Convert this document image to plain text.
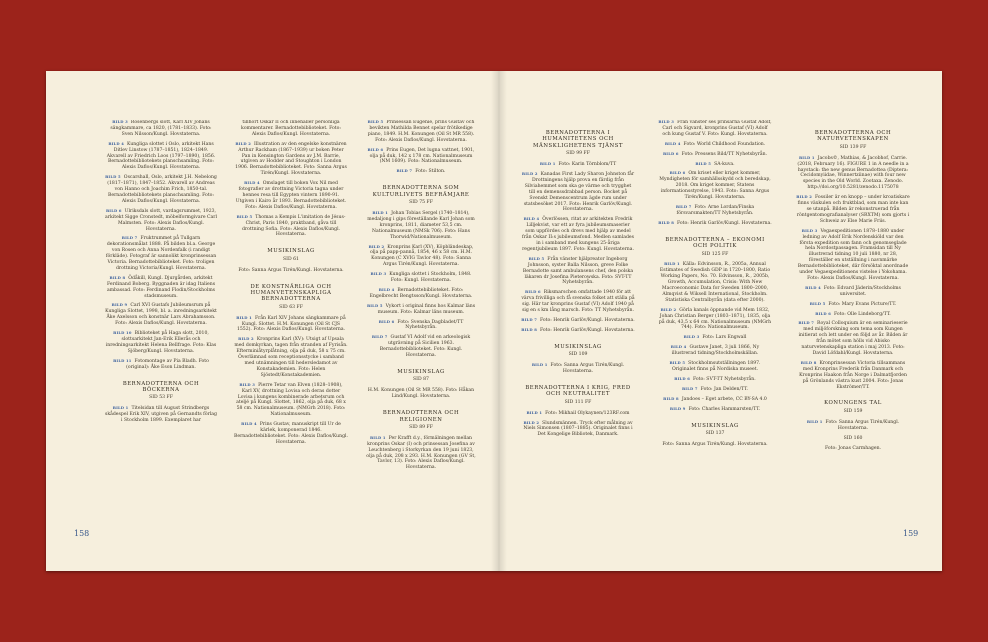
BILD 3 Rosenbergs slott, Karl XIV Johans sängkammare, ca 1820, (1781–1833). Foto: Sven Nilsson/Kungl. Hovstaterna.
BILD 4 Kungliga slottet i Oslo, arkitekt Hans Ditlev Linstow (1787–1851), 1824–1849. Akvarell av Friedrich Loos (1797–1890), 1856. Bernadottebibliotekets planschsamling. Foto: Alexis Daflos/Kungl. Hovstaterna.
BILD 5 Oscarshall, Oslo, arkitekt J.H. Nebelong (1817–1871), 1847–1852. Akvarell av Andreas von Hanno och Joachim Frich, 1850-tal. Bernadottebibliotekets planschsamling. Foto: Alexis Daflos/Kungl. Hovstaterna.
BILD 6 Ulriksdals slott, vardagsrummet, 1923, arkitekt Sigge Cronstedt, möbelformgivare Carl Malmsten. Foto: Alexis Daflos/Kungl. Hovstaterna.
BILD 7 Fruktrummet på Tullgarn dekorationsmålat 1888. På bilden bl.a. George von Rosen och Anna Nordenfalk (i randigt förkläde). Fotograf är sannolikt kronprinsessan Victoria. Bernadottebiblioteket. Foto: troligen drottning Victoria/Kungl. Hovstaterna.
BILD 8 Ödåkill, Kungl. Djurgården, arkitekt Ferdinand Boberg. Byggnaden är idag Italiens ambassad. Foto: Ferdinand Flodin/Stockholms stadsmuseum.
BILD 9 Carl XVI Gustafs Jubileumsrum på Kungliga Slottet, 1998, bl. a. inredningsarkitekt Åke Axelsson och konstnär Lars Abrahamsson. Foto: Alexis Daflos/Kungl. Hovstaterna.
BILD 10 Biblioteket på Haga slott, 2010, slottsarkitekt Jan-Erik Ellerås och inredningsarkitekt Helena Bellfrage. Foto: Klas Sjöberg/Kungl. Hovstaterna.
BILD 11 Fotomontage av Pia Bladh. Foto (original): Åke Eson Lindman.
BERNADOTTERNA OCH BÖCKERNA
SID 53 FF
BILD 1 Titelsidan till August Strindbergs skådespel Erik XIV, utgiven på Gernandts förlag i Stockholm 1899. Exemplaret har
tillhört Oskar II och innehåller personliga kommentarer. Bernadottebiblioteket. Foto: Alexis Daflos/Kungl. Hovstaterna.
BILD 2 Illustration av den engelske konstnären Arthur Rackham (1867–1939) ur boken Peter Pan in Kensington Gardens av J.M. Barrie, utgiven av Hodder and Stoughton i London 1906. Bernadottebiblioteket. Foto: Sanna Argus Tirén/Kungl. Hovstaterna.
BILD 4 Omslaget till boken Vox Nil med fotografier av drottning Victoria tagna under hennes resa till Egypten vintern 1890-91. Utgiven i Kairo år 1893. Bernadottebiblioteket. Foto: Alexis Daflos/Kungl. Hovstaterna.
BILD 5 Thomas a Kempis L'imitation de Jésus-Christ, Paris 1840, praktband, gåva till drottning Sofia. Foto: Alexis Daflos/Kungl. Hovstaterna.
MUSIKINSLAG
SID 61
Foto: Sanna Argus Tirén/Kungl. Hovstaterna.
DE KONSTNÄRLIGA OCH HUMANVETENSKAPLIGA BERNADOTTERNA
SID 63 FF
BILD 1 Från Karl XIV Johans sängkammare på Kungl. Slottet. H.M. Konungen (Oil St CJS 1552). Foto: Alexis Daflos/Kungl. Hovstaterna.
BILD 2 Kronprins Karl (XV): Utsigt af Upsala med domkyrkan, tagen från stranden af Fyrisån. Efterminiåtyrplåtning, olja på duk, 58 x 75 cm. Överlämnad som receptionsstycke i samband med utnämningen till hedersledamot av Konstakademien. Foto: Helen Sjöstedt/Konstakademien.
BILD 3 Pierre Tetar van Elven (1828–1908), Karl XV, drottning Lovisa och deras dotter Lovisa i kungens kombinerade arbetsrum och ateljé på Kungl. Slottet, 1862, olja på duk, 68 x 58 cm. Nationalmuseum. (NMGrh 2018). Foto: Nationalmuseum.
BILD 4 Prins Gustav, manuskript till Ur de kärlek, komponerad 1846. Bernadottebiblioteket. Foto: Alexis Daflos/Kungl. Hovstaterna.
BILD 5 Prinsessan Eugénie, prins Gustav och bevikten Mathilda Bennet spelar frötikedige piano, 1849. H.M. Konungen (Oil St MR 558). Foto: Alexis Daflos/Kungl. Hovstaterna.
BILD 6 Prins Eugen, Det lugna vattnet, 1901, olja på duk, 142 x 178 cm. Nationalmuseum (NM 1609). Foto: Nationalmuseum.
BILD 7 Foto: Stilton.
BERNADOTTERNA SOM KULTURLIVETS BEFRÄMJARE
SID 75 FF
BILD 1 Johan Tobias Sergel (1740–1814), medaljong i gips föreställande Karl Johan som kronprins, 1811, diameter 53,5 cm. Nationalmuseum (NMSk 706). Foto: Hans Thorwid/Nationalmuseum.
BILD 2 Kronprins Karl (XV), Köpbländeskap, olja på papp-pannå, 1854, 46 x 58 cm. H.M. Konungen (C XVIG Tavlor 48). Foto: Sanna Argus Tirén/Kungl. Hovstaterna.
BILD 3 Kungliga slottet i Stockholm, 1848. Foto: Kungl. Hovstaterna.
BILD 4 Bernadottebiblioteket. Foto: Engelbrecht Bengtsson/Kungl. Hovstaterna.
BILD 5 Vykort i original finns hos Kalmar läns museum. Foto: Kalmar läns museum.
BILD 6 Foto: Svenska Dagbladet/TT Nyhetsbyrån.
BILD 7 Gustaf VI Adolf vid en arkeologisk utgrävning på Sicilien 1963. Bernadottebiblioteket. Foto: Kungl. Hovstaterna.
MUSIKINSLAG
SID 87
H.M. Konungen (Oil St MR 558). Foto: Håkan Lind/Kungl. Hovstaterna.
BERNADOTTERNA OCH RELIGIONEN
SID 89 FF
BILD 1 Per Krafft d.y., förmälningen mellan kronprins Oskar (I) och prinsessan Josefina av Leuchtenberg i Storkyrkan den 19 juni 1823, olja på duk, 208 x 293. H.M. Konungen (GV St, Tavlor, 13). Foto: Alexis Daflos/Kungl. Hovstaterna.
158
BERNADOTTERNA I HUMANITETENS OCH MÄNSKLIGHETENS TJÄNST
SID 99 FF
BILD 1 Foto: Karin Törnblom/TT
BILD 2 Kanadas First Lady Sharon Johnston får Drottningens hjälp prova en färdig från Silviahemmet som ska ge värme och trygghet till en demenssdrabbad person. Bocket på Svenskt Demenscentrum ägde rum under statsbesöket 2017. Foto: Henrik Garlöv/Kungl. Hovstaterna.
BILD 4 Överlössen, ritat av arkitekten Fredrik Lilljekvist, var ett av fyra jubileumsmaserier som uppfördes och drevs med hjälp av medel från Oskar II:s jubileumsfond. Medlen samlades in i samband med kungens 25-åriga regentjubileum 1897. Foto: Kungl. Hovstaterna.
BILD 5 Från vänster hjälpreator Ingeborg Johnsson, syster Balla Nilsson, greve Folke Bernadotte samt ambulansens chef, den polska läkaren dr Josefina Pieterowska. Foto: SVT-TT Nyhetsbyrån.
BILD 6 Riksmarschen omfattade 1940 för att värva frivilliga och få svenska folket att ställa på sig. Här tar kronprins Gustaf (VI) Adolf 1940 på sig en s km lång marsch. Foto: TT Nyhetsbyrån.
BILD 7 Foto: Henrik Garlöv/Kungl. Hovstaterna.
BILD 8 Foto: Henrik Garlöv/Kungl. Hovstaterna.
MUSIKINSLAG
SID 109
BILD 1 Foto: Sanna Argus Tirén/Kungl. Hovstaterna.
BERNADOTTERNA I KRIG, FRED OCH NEUTRALITET
SID 111 FF
BILD 1 Foto: Mikhail Olykaynen/123RF.com
BILD 2 Slundsmännen. Tryck efter målning av Niels Simonsen (1807–1885). Originalet finns i Det Kongelige Bibliotek, Danmark.
BILD 3 Från vänster ses prinsarna Gustaf Adolf, Carl och Sigvard, kronprins Gustaf (VI) Adolf och kung Gustaf V. Foto: Kungl. Hovstaterna.
BILD 4 Foto: World Childhood Foundation.
BILD 6 Foto: Pressens Bild/TT Nyhetsbyrån.
BILD 5 SA-kuva.
BILD 6 Om kriset eller kriget kommer, Myndigheten för samhällsskydd och beredskap, 2018. Om kriget kommer, Statens informationsstyrelse, 1943. Foto: Sanna Argus Tirén/Kungl. Hovstaterna.
BILD 7 Foto: Arne Lordan/Finska försvarsmakten/TT Nyhetsbyrån.
BILD 8 Foto: Henrik Garlöv/Kungl. Hovstaterna.
BERNADOTTERNA – EKONOMI OCH POLITIK
SID 125 FF
BILD 1 Källa: Edvinsson, R., 2005a, Annual Estimates of Swedish GDP in 1720–1800, Ratio Working Papers, No. 70. Edvinsson, R., 2005b, Growth, Accumulation, Crisis: With New Macroeconomic Data for Sweden 1800–2000, Almqvist & Wiksell International, Stockholm. Statistiska Centralbyrån (data efter 2000).
BILD 2 Görla kanals öppnande vid Mem 1832, Johan Christian Berger (1803–1871), 1835, olja på duk, 43,5 x 64 cm. Nationalmuseum (NMGrh 744). Foto: Nationalmuseum.
BILD 3 Foto: Lars Engwall
BILD 4 Gustave Janet, 3 juli 1866, Ny illustrerad tidning/Stockholmskällan.
BILD 5 Stockholmsutställningen 1897. Originalet finns på Nordiska museet.
BILD 6 Foto: SVT-TT Nyhetsbyrån.
BILD 7 Foto: Jan Delden/TT.
BILD 8 Jandoes – Eget arbete, CC BY-SA 4.0
BILD 9 Foto: Charles Hammarsten/TT.
MUSIKINSLAG
SID 137
Foto: Sanna Argus Tirén/Kungl. Hovstaterna.
BERNADOTTERNA OCH NATURVETENSKAPEN
SID 139 FF
BILD 1 Jacobs©, Mathias, & Jacobhof, Carrie. (2018, February 16). FIGURE 1 in A needle in a haystack: the new genus Bernadottea (Diptera: Cecidomyiidae, Winnertziinae) with four new species in the Old World. Zootaxa. Zenodo. http://doi.org/10.5281/zenodo.1175078
BILD 2 Fossiler är en knopp – under kroatiskare finns växkulen och fruktblad, som man inte kan se utanpå. Bilden är rekonstruerad från röntgentomografianalyser (SRXTM) som gjorts i Schweiz av Else Marie Friis.
BILD 3 Vegaexpeditionen 1878–1880 under ledning av Adolf Erik Nordenskiöld var den första expedition som fann och genomseglade hela Nordostpassagen. Framsidan till Ny illustrerad tidning 10 juli 1880, nr 28, föreställer en utställning i navnmärke Bernadottebiblioteket, där försöktal anordnade under Vegaexpeditionens vistelse i Yokohama. Foto: Alexis Daflos/Kungl. Hovstaterna.
BILD 4 Foto: Edvard Jäderin/Stockholms universitet.
BILD 5 Foto: Mary Evans Picture/TT.
BILD 6 Foto: Olle Lindeborg/TT.
BILD 7 Royal Colloquium är en seminarieserie med miljöforskning som tema som Kungen initierat och lett under en följd av år. Bilden är från mötet som hölls vid Abisko naturvetenskapliga station i maj 2013. Foto: David Löfdahl/Kungl. Hovstaterna.
BILD 8 Kronprinsessan Victoria tillsammans med Kronprins Frederik från Danmark och Kronprins Haakon från Norge i Dalmatfjorden på Grönlands västra kust 2004. Foto: Jonas Ekströmer/TT.
KONUNGENS TAL
SID 159
BILD 1 Foto: Sanna Argus Tirén/Kungl. Hovstaterna.
SID 160
Foto: Jonas Carmhagen.
159
